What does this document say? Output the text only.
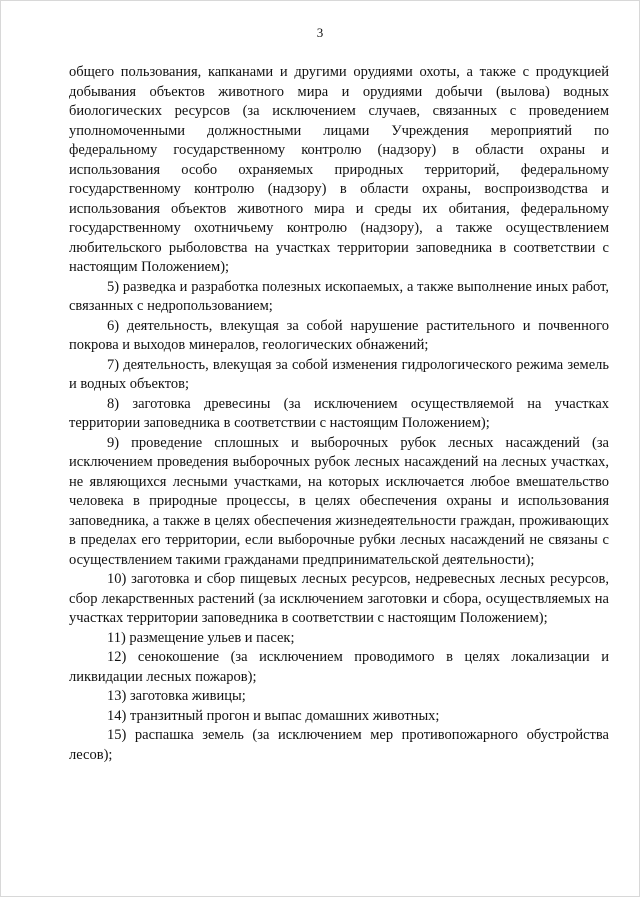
3

общего пользования, капканами и другими орудиями охоты, а также с продукцией добывания объектов животного мира и орудиями добычи (вылова) водных биологических ресурсов (за исключением случаев, связанных с проведением уполномоченными должностными лицами Учреждения мероприятий по федеральному государственному контролю (надзору) в области охраны и использования особо охраняемых природных территорий, федеральному государственному контролю (надзору) в области охраны, воспроизводства и использования объектов животного мира и среды их обитания, федеральному государственному охотничьему контролю (надзору), а также осуществлением любительского рыболовства на участках территории заповедника в соответствии с настоящим Положением);

5) разведка и разработка полезных ископаемых, а также выполнение иных работ, связанных с недропользованием;

6) деятельность, влекущая за собой нарушение растительного и почвенного покрова и выходов минералов, геологических обнажений;

7) деятельность, влекущая за собой изменения гидрологического режима земель и водных объектов;

8) заготовка древесины (за исключением осуществляемой на участках территории заповедника в соответствии с настоящим Положением);

9) проведение сплошных и выборочных рубок лесных насаждений (за исключением проведения выборочных рубок лесных насаждений на лесных участках, не являющихся лесными участками, на которых исключается любое вмешательство человека в природные процессы, в целях обеспечения охраны и использования заповедника, а также в целях обеспечения жизнедеятельности граждан, проживающих в пределах его территории, если выборочные рубки лесных насаждений не связаны с осуществлением такими гражданами предпринимательской деятельности);

10) заготовка и сбор пищевых лесных ресурсов, недревесных лесных ресурсов, сбор лекарственных растений (за исключением заготовки и сбора, осуществляемых на участках территории заповедника в соответствии с настоящим Положением);

11) размещение ульев и пасек;

12) сенокошение (за исключением проводимого в целях локализации и ликвидации лесных пожаров);

13) заготовка живицы;

14) транзитный прогон и выпас домашних животных;

15) распашка земель (за исключением мер противопожарного обустройства лесов);
